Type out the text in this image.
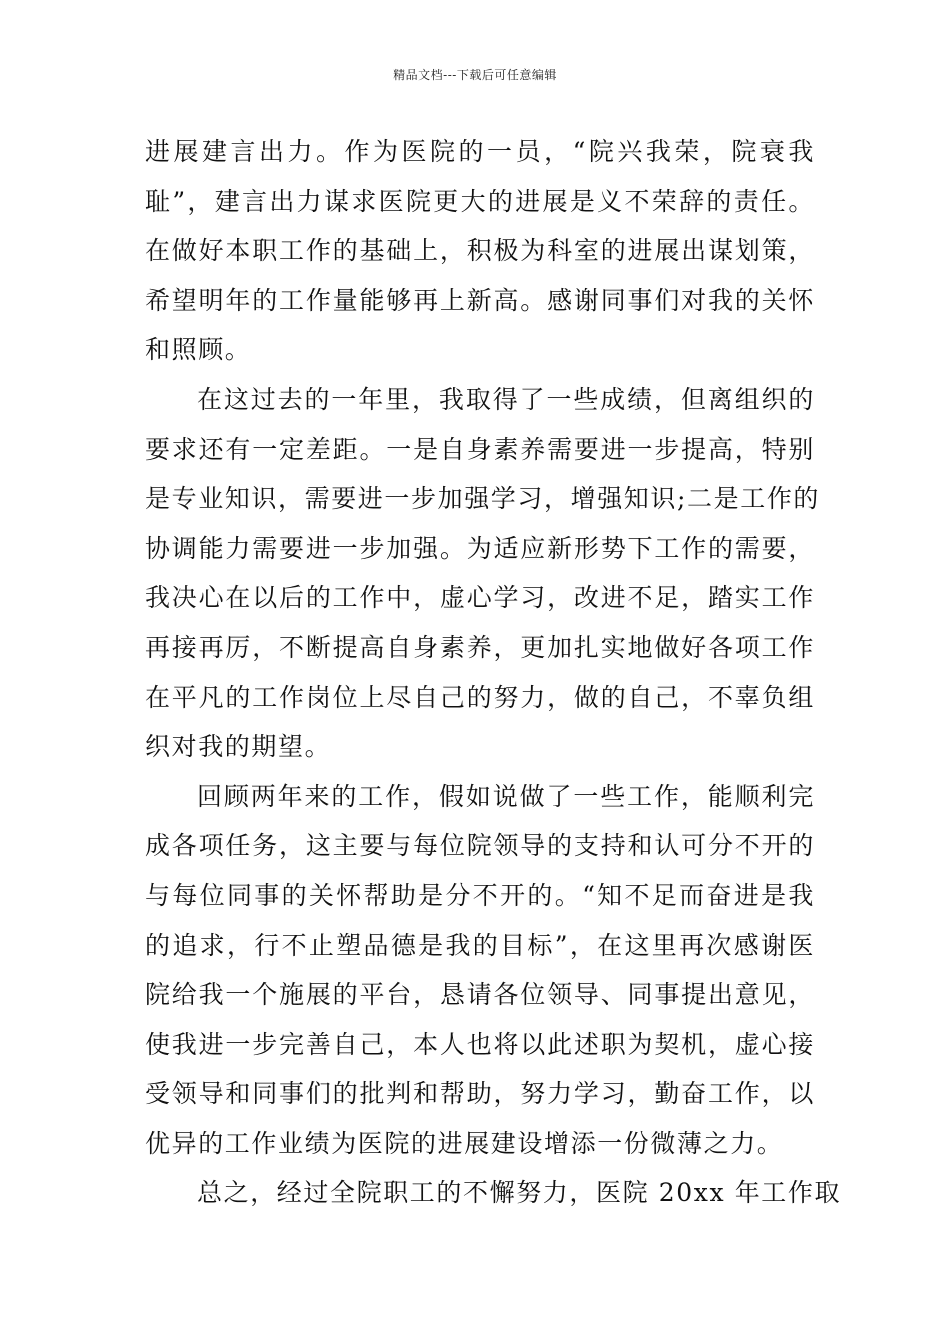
精品文档---下载后可任意编辑
进展建言出力。作为医院的一员，“院兴我荣，院衰我
耻”，建言出力谋求医院更大的进展是义不荣辞的责任。
在做好本职工作的基础上，积极为科室的进展出谋划策，
希望明年的工作量能够再上新高。感谢同事们对我的关怀
和照顾。
在这过去的一年里，我取得了一些成绩，但离组织的
要求还有一定差距。一是自身素养需要进一步提高，特别
是专业知识，需要进一步加强学习，增强知识;二是工作的
协调能力需要进一步加强。为适应新形势下工作的需要，
我决心在以后的工作中，虚心学习，改进不足，踏实工作
再接再厉，不断提高自身素养，更加扎实地做好各项工作
在平凡的工作岗位上尽自己的努力，做的自己，不辜负组
织对我的期望。
回顾两年来的工作，假如说做了一些工作，能顺利完
成各项任务，这主要与每位院领导的支持和认可分不开的
与每位同事的关怀帮助是分不开的。“知不足而奋进是我
的追求，行不止塑品德是我的目标”，在这里再次感谢医
院给我一个施展的平台，恳请各位领导、同事提出意见，
使我进一步完善自己，本人也将以此述职为契机，虚心接
受领导和同事们的批判和帮助，努力学习，勤奋工作，以
优异的工作业绩为医院的进展建设增添一份微薄之力。
总之，经过全院职工的不懈努力，医院 20xx 年工作取
